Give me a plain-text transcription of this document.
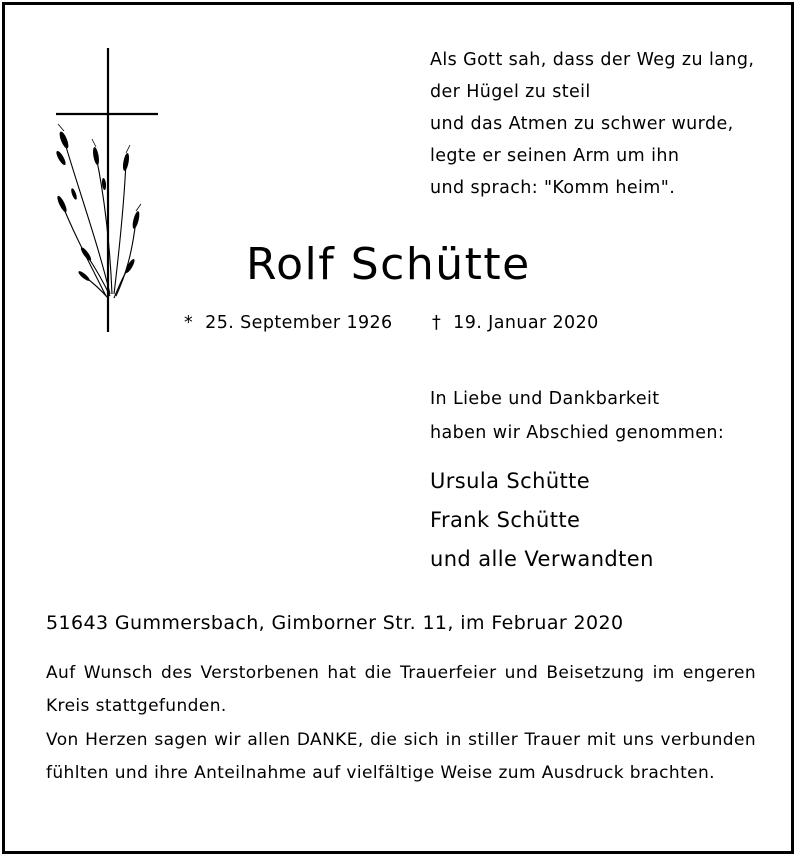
Als Gott sah, dass der Weg zu lang,
der Hügel zu steil
und das Atmen zu schwer wurde,
legte er seinen Arm um ihn
und sprach: "Komm heim".
Rolf Schütte
* 25. September 1926 † 19. Januar 2020
In Liebe und Dankbarkeit
haben wir Abschied genommen:
Ursula Schütte
Frank Schütte
und alle Verwandten
51643 Gummersbach, Gimborner Str. 11, im Februar 2020
Auf Wunsch des Verstorbenen hat die Trauerfeier und Beisetzung im engeren Kreis stattgefunden.
Von Herzen sagen wir allen DANKE, die sich in stiller Trauer mit uns verbunden fühlten und ihre Anteilnahme auf vielfältige Weise zum Ausdruck brachten.
